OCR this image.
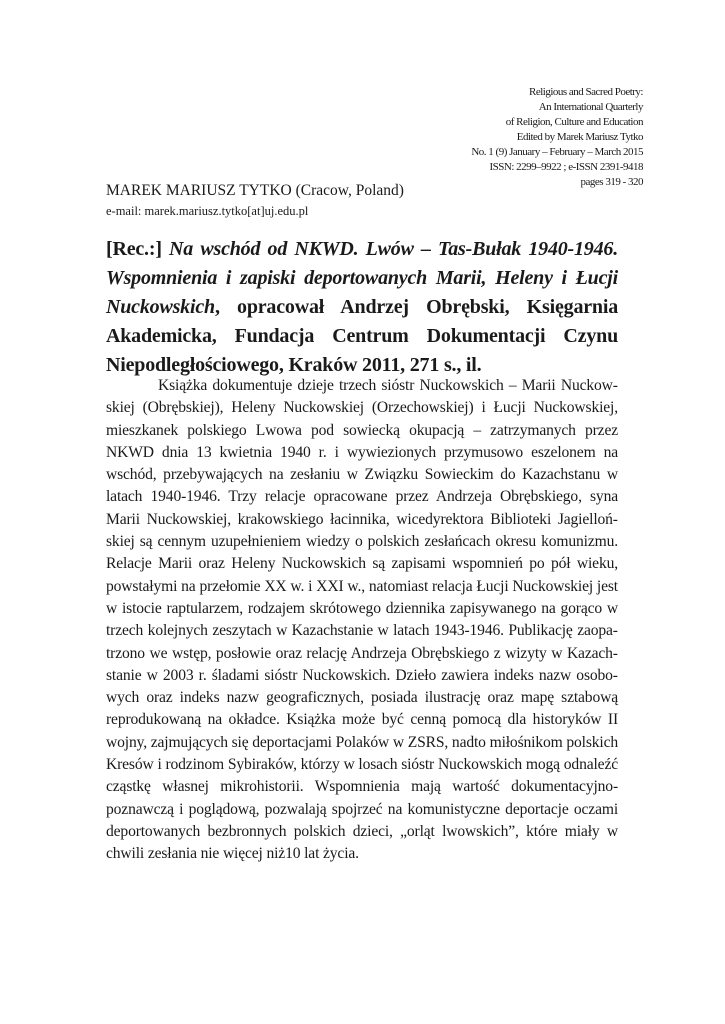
Religious and Sacred Poetry:
An International Quarterly
of Religion, Culture and Education
Edited by Marek Mariusz Tytko
No. 1 (9) January – February – March 2015
ISSN: 2299–9922 ; e-ISSN 2391-9418
pages 319 - 320
MAREK MARIUSZ TYTKO (Cracow, Poland)
e-mail: marek.mariusz.tytko[at]uj.edu.pl
[Rec.:] Na wschód od NKWD. Lwów – Tas-Bułak 1940-1946. Wspomnienia i zapiski deportowanych Marii, Heleny i Łucji Nuckowskich, opracował Andrzej Obrębski, Księgarnia Akademicka, Fundacja Centrum Dokumentacji Czynu Niepodległościowego, Kraków 2011, 271 s., il.

Książka dokumentuje dzieje trzech sióstr Nuckowskich – Marii Nuckowskiej (Obrębskiej), Heleny Nuckowskiej (Orzechowskiej) i Łucji Nuckowskiej, mieszkanek polskiego Lwowa pod sowiecką okupacją – zatrzymanych przez NKWD dnia 13 kwietnia 1940 r. i wywiezionych przymusowo eszelonem na wschód, przebywających na zesłaniu w Związku Sowieckim do Kazachstanu w latach 1940-1946. Trzy relacje opracowane przez Andrzeja Obrębskiego, syna Marii Nuckowskiej, krakowskiego łacinnika, wicedyrektora Biblioteki Jagiellońskiej są cennym uzupełnieniem wiedzy o polskich zesłańcach okresu komunizmu. Relacje Marii oraz Heleny Nuckowskich są zapisami wspomnień po pół wieku, powstałymi na przełomie XX w. i XXI w., natomiast relacja Łucji Nuckowskiej jest w istocie raptularzem, rodzajem skrótowego dziennika zapisywanego na gorąco w trzech kolejnych zeszytach w Kazachstanie w latach 1943-1946. Publikację zaopatrzono we wstęp, posłowie oraz relację Andrzeja Obrębskiego z wizyty w Kazachstanie w 2003 r. śladami sióstr Nuckowskich. Dzieło zawiera indeks nazw osobowych oraz indeks nazw geograficznych, posiada ilustrację oraz mapę sztabową reprodukowaną na okładce. Książka może być cenną pomocą dla historyków II wojny, zajmujących się deportacjami Polaków w ZSRS, nadto miłośnikom polskich Kresów i rodzinom Sybiraków, którzy w losach sióstr Nuckowskich mogą odnaleźć cząstkę własnej mikrohistorii. Wspomnienia mają wartość dokumentacyjno-poznawczą i poglądową, pozwalają spojrzeć na komunistyczne deportacje oczami deportowanych bezbronnych polskich dzieci, „orląt lwowskich”, które miały w chwili zesłania nie więcej niż10 lat życia.
